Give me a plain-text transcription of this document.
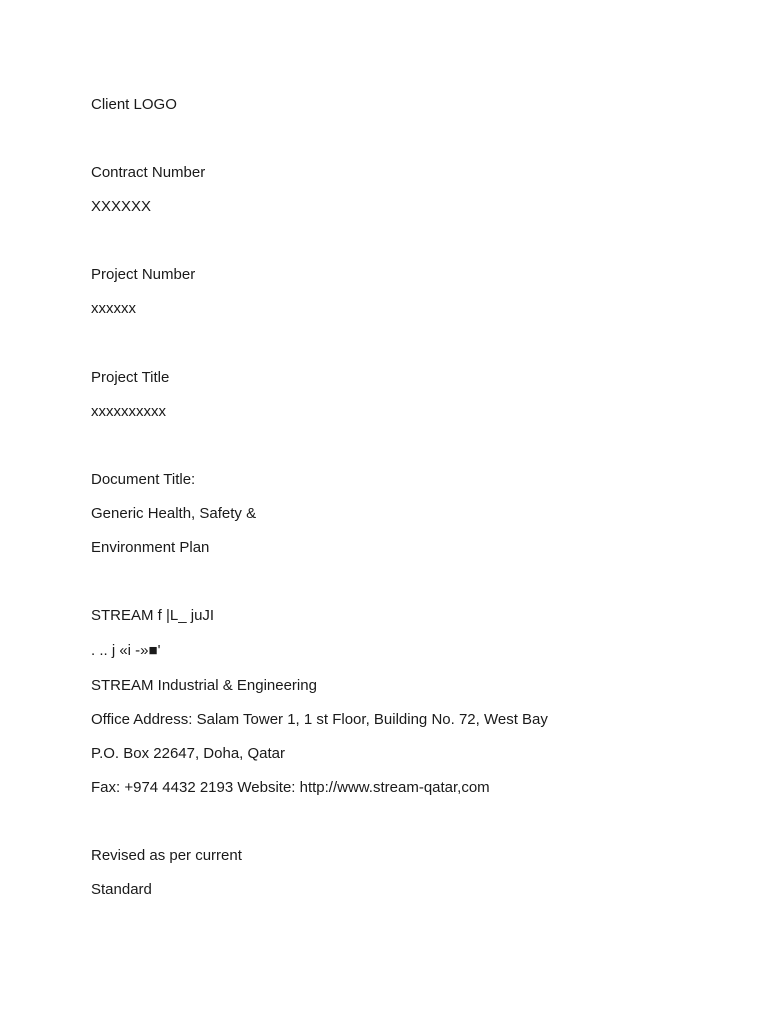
Client LOGO
Contract Number
XXXXXX
Project Number
xxxxxx
Project Title
xxxxxxxxxx
Document Title:
Generic Health, Safety &
Environment Plan
STREAM f |L_ juJI
. .. j «i -»■'
STREAM Industrial & Engineering
Office Address: Salam Tower 1, 1 st Floor, Building No. 72, West Bay
P.O. Box 22647, Doha, Qatar
Fax: +974 4432 2193 Website: http://www.stream-qatar,com
Revised as per current
Standard
